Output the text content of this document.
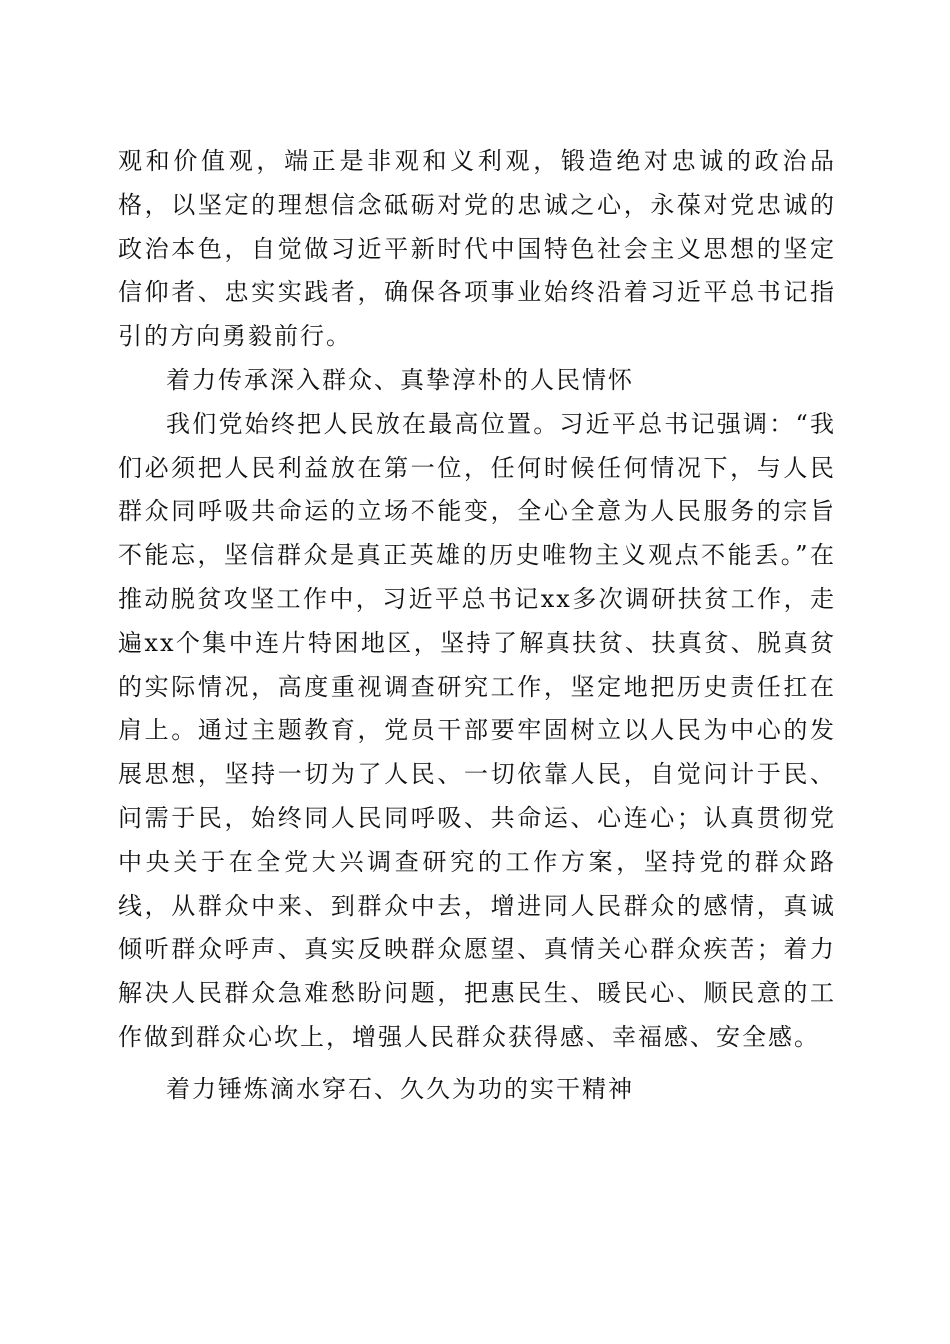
观和价值观，端正是非观和义利观，锻造绝对忠诚的政治品格，以坚定的理想信念砥砺对党的忠诚之心，永葆对党忠诚的政治本色，自觉做习近平新时代中国特色社会主义思想的坚定信仰者、忠实实践者，确保各项事业始终沿着习近平总书记指引的方向勇毅前行。

着力传承深入群众、真挚淳朴的人民情怀

我们党始终把人民放在最高位置。习近平总书记强调：“我们必须把人民利益放在第一位，任何时候任何情况下，与人民群众同呼吸共命运的立场不能变，全心全意为人民服务的宗旨不能忘，坚信群众是真正英雄的历史唯物主义观点不能丢。”在推动脱贫攻坚工作中，习近平总书记xx多次调研扶贫工作，走遍xx个集中连片特困地区，坚持了解真扶贫、扶真贫、脱真贫的实际情况，高度重视调查研究工作，坚定地把历史责任扛在肩上。通过主题教育，党员干部要牢固树立以人民为中心的发展思想，坚持一切为了人民、一切依靠人民，自觉问计于民、问需于民，始终同人民同呼吸、共命运、心连心；认真贯彻党中央关于在全党大兴调查研究的工作方案，坚持党的群众路线，从群众中来、到群众中去，增进同人民群众的感情，真诚倾听群众呼声、真实反映群众愿望、真情关心群众疾苦；着力解决人民群众急难愁盼问题，把惠民生、暖民心、顺民意的工作做到群众心坎上，增强人民群众获得感、幸福感、安全感。

着力锤炼滴水穿石、久久为功的实干精神
